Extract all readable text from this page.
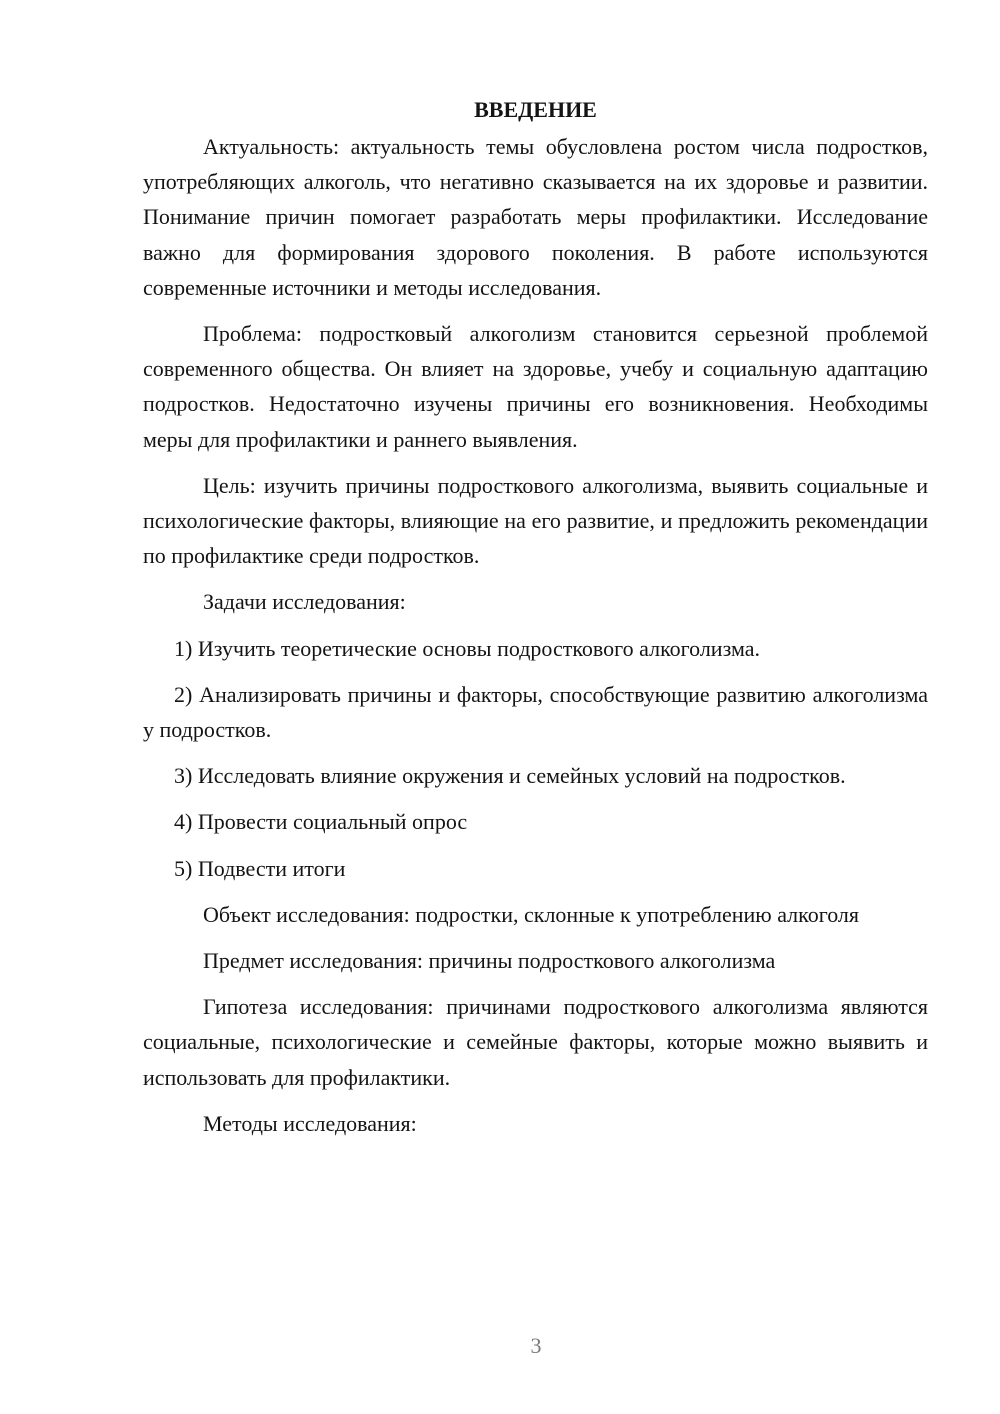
ВВЕДЕНИЕ

Актуальность: актуальность темы обусловлена ростом числа подростков, употребляющих алкоголь, что негативно сказывается на их здоровье и развитии. Понимание причин помогает разработать меры профилактики. Исследование важно для формирования здорового поколения. В работе используются современные источники и методы исследования.

Проблема: подростковый алкоголизм становится серьезной проблемой современного общества. Он влияет на здоровье, учебу и социальную адаптацию подростков. Недостаточно изучены причины его возникновения. Необходимы меры для профилактики и раннего выявления.

Цель: изучить причины подросткового алкоголизма, выявить социальные и психологические факторы, влияющие на его развитие, и предложить рекомендации по профилактике среди подростков.

Задачи исследования:

1) Изучить теоретические основы подросткового алкоголизма.

2) Анализировать причины и факторы, способствующие развитию алкоголизма у подростков.

3) Исследовать влияние окружения и семейных условий на подростков.

4) Провести социальный опрос

5) Подвести итоги

Объект исследования: подростки, склонные к употреблению алкоголя

Предмет исследования: причины подросткового алкоголизма

Гипотеза исследования: причинами подросткового алкоголизма являются социальные, психологические и семейные факторы, которые можно выявить и использовать для профилактики.

Методы исследования:

3
